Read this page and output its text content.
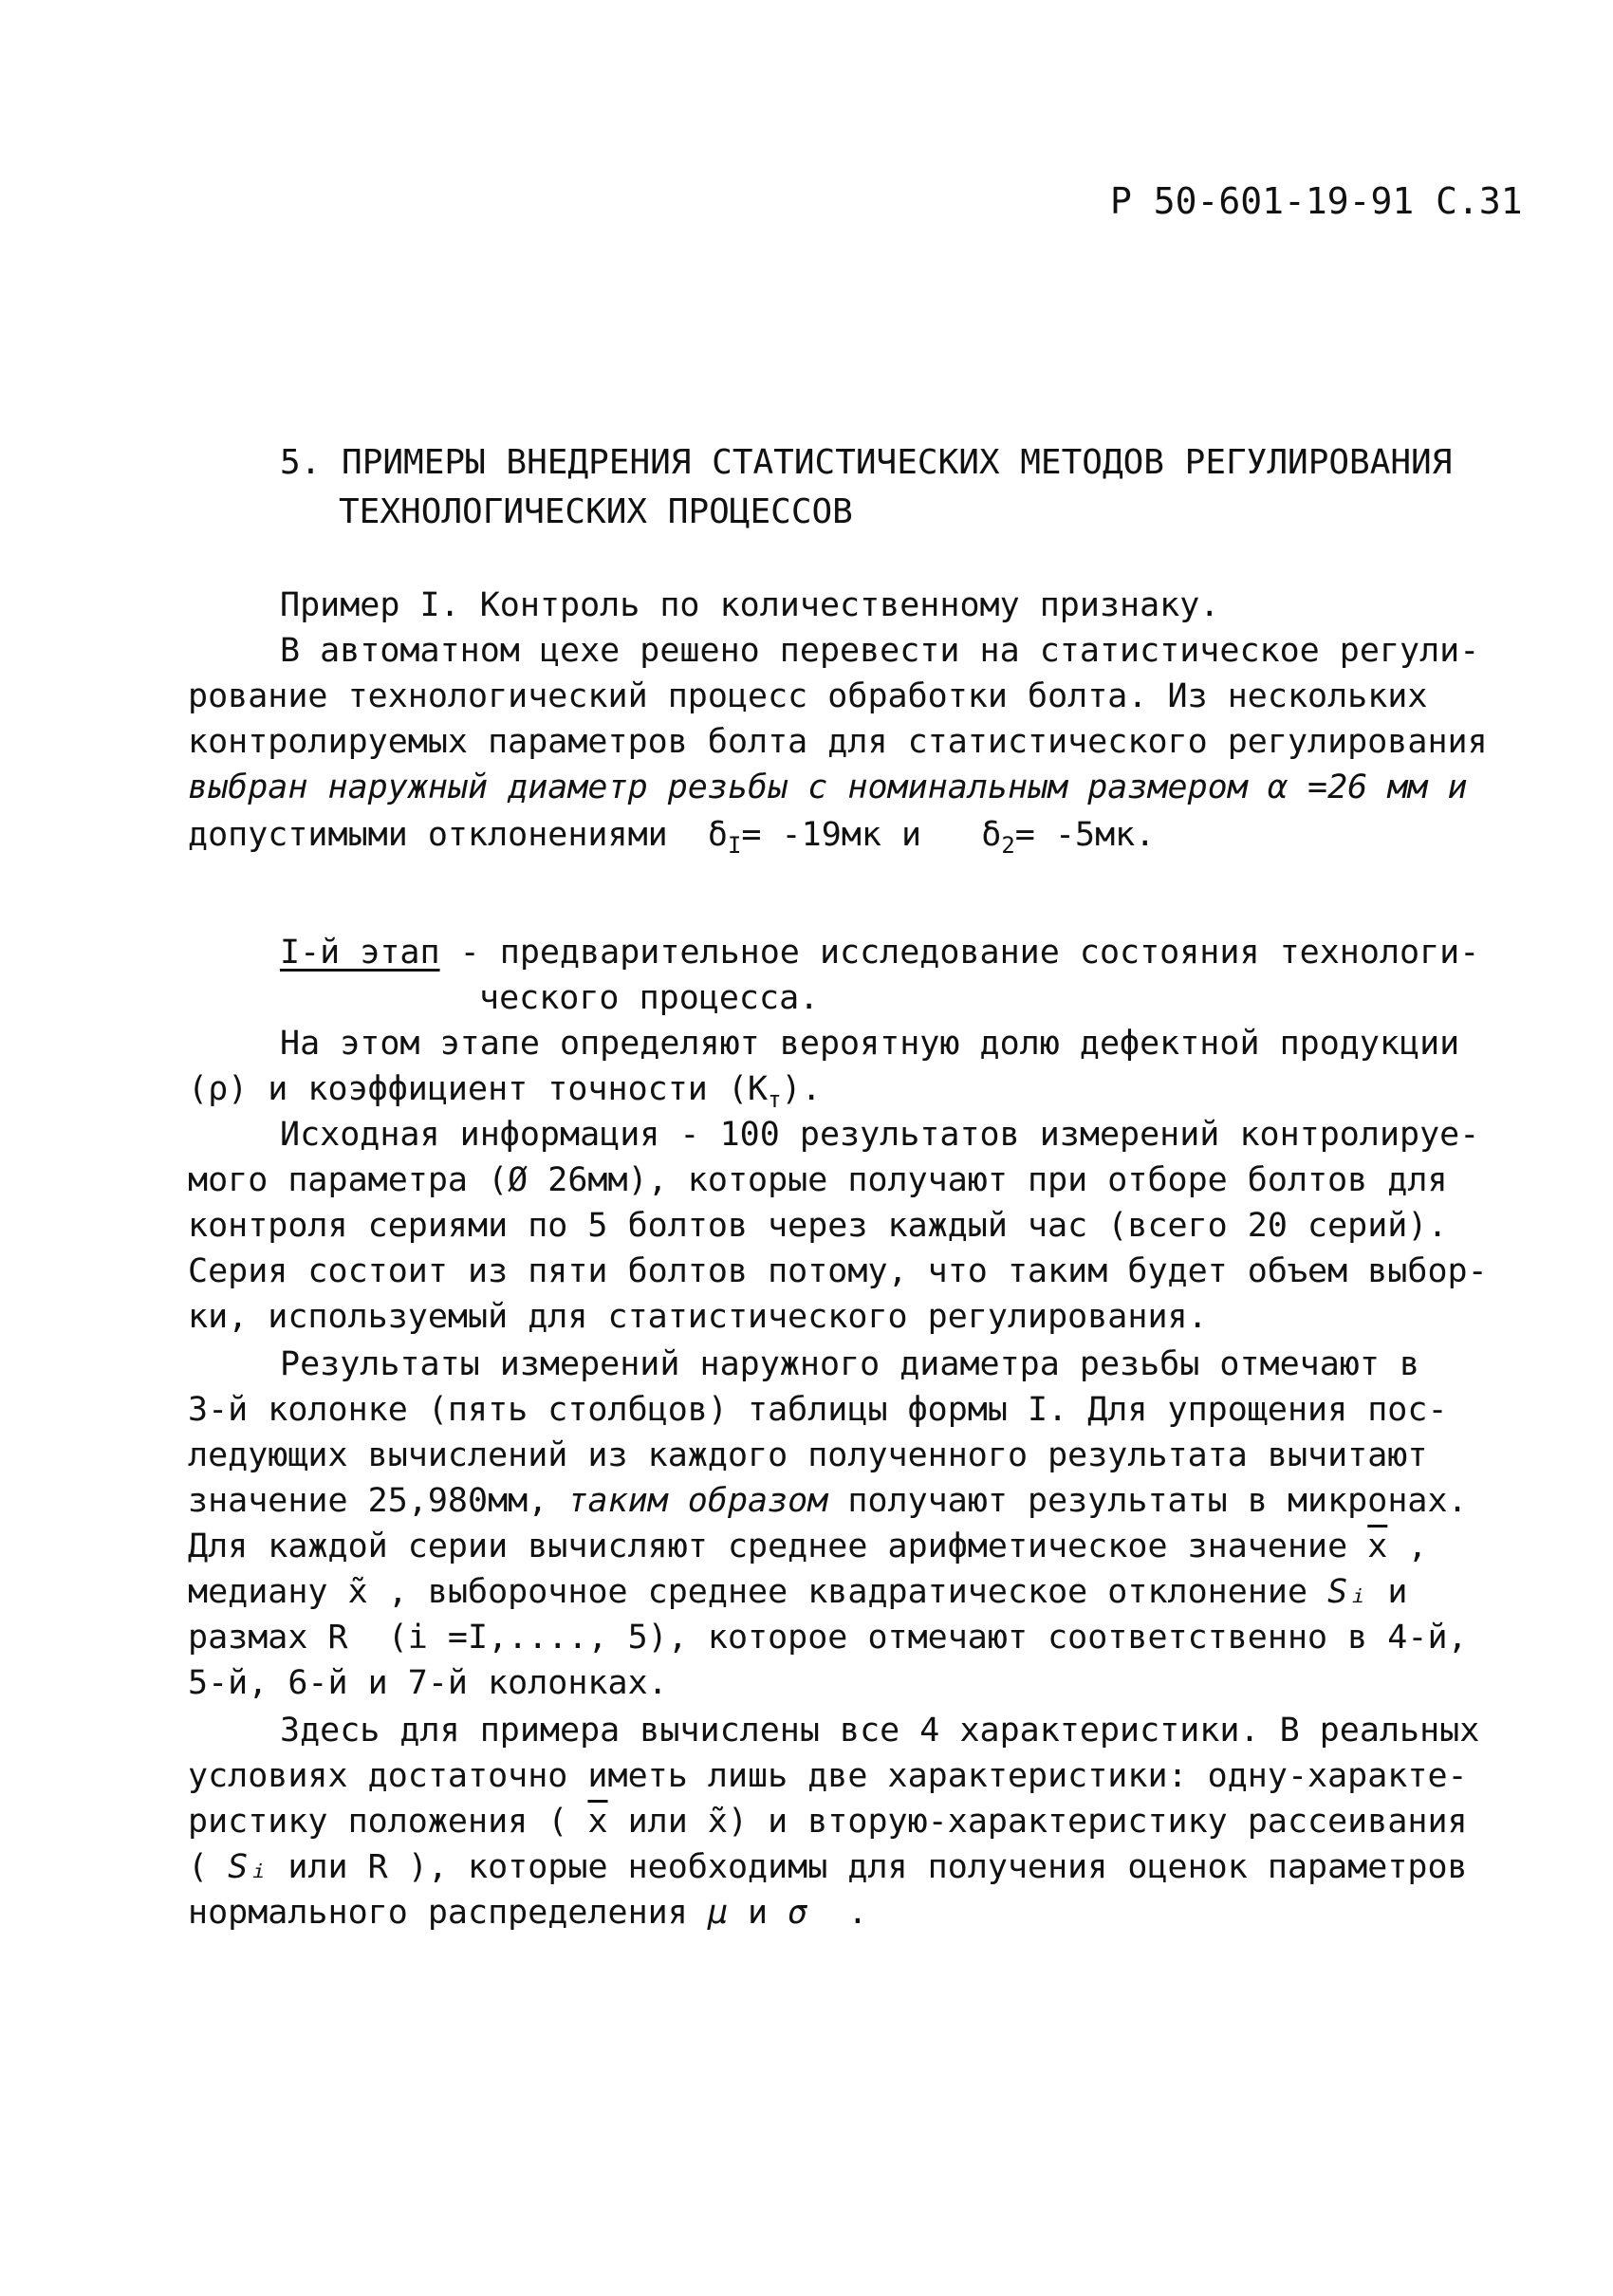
Р 50-601-19-91 С.31
5. ПРИМЕРЫ ВНЕДРЕНИЯ СТАТИСТИЧЕСКИХ МЕТОДОВ РЕГУЛИРОВАНИЯ
ТЕХНОЛОГИЧЕСКИХ ПРОЦЕССОВ
Пример I. Контроль по количественному признаку.
В автоматном цехе решено перевести на статистическое регули-
рование технологический процесс обработки болта. Из нескольких
контролируемых параметров болта для статистического регулирования
выбран наружный диаметр резьбы с номинальным размером α =26 мм и
допустимыми отклонениями  $\delta_I= -19мк$ и   $\delta_2= -5мк$.
I-й этап - предварительное исследование состояния технологи-
ческого процесса.
На этом этапе определяют вероятную долю дефектной продукции
(ρ) и коэффициент точности $(К_т)$.
Исходная информация - 100 результатов измерений контролируе-
мого параметра (Ø 26мм), которые получают при отборе болтов для
контроля сериями по 5 болтов через каждый час (всего 20 серий).
Серия состоит из пяти болтов потому, что таким будет объем выбор-
ки, используемый для статистического регулирования.
Результаты измерений наружного диаметра резьбы отмечают в
3-й колонке (пять столбцов) таблицы формы I. Для упрощения пос-
ледующих вычислений из каждого полученного результата вычитают
значение 25,980мм, таким образом получают результаты в микронах.
Для каждой серии вычисляют среднее арифметическое значение $\overline{x}$ ,
медиану x̃ , выборочное среднее квадратическое отклонение Sᵢ и
размах R  (i =I,...., 5), которое отмечают соответственно в 4-й,
5-й, 6-й и 7-й колонках.
Здесь для примера вычислены все 4 характеристики. В реальных
условиях достаточно иметь лишь две характеристики: одну-характе-
ристику положения ( $\overline{x}$ или x̃) и вторую-характеристику рассеивания
( Sᵢ или R ), которые необходимы для получения оценок параметров
нормального распределения μ и σ  .
